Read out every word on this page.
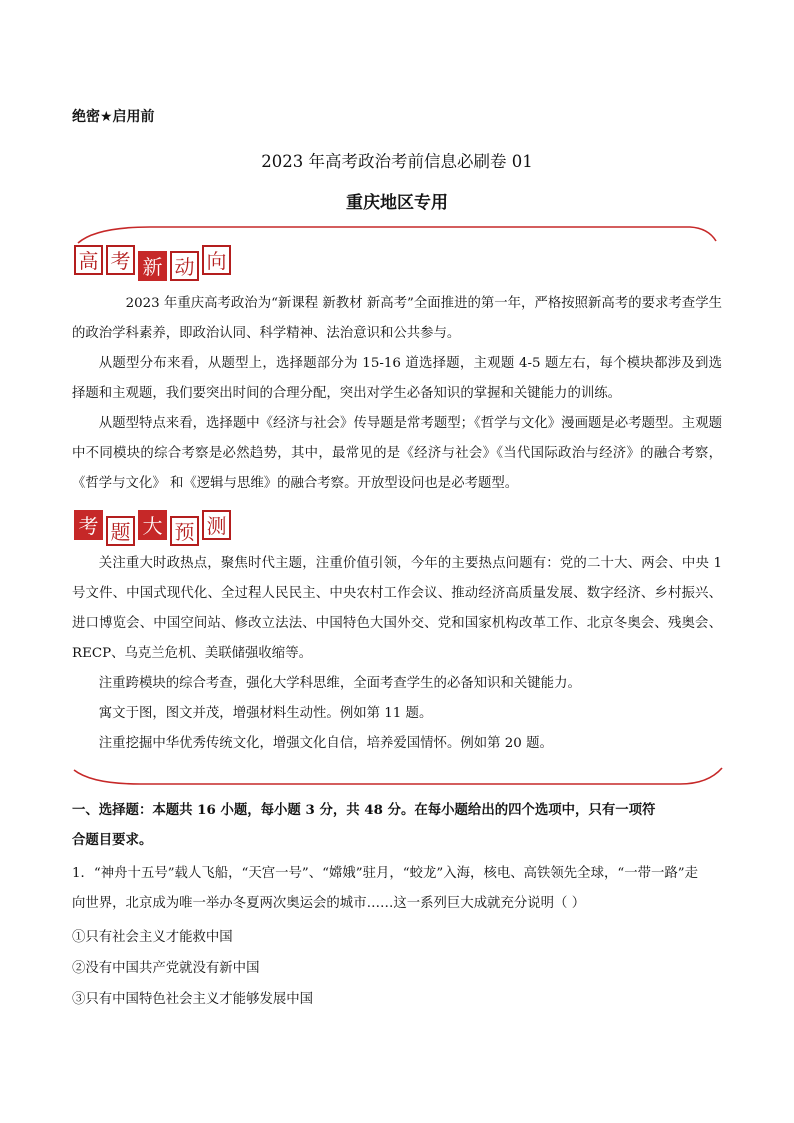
绝密★启用前
2023 年高考政治考前信息必刷卷 01
重庆地区专用
高 考 新 动 向

2023 年重庆高考政治为“新课程 新教材 新高考”全面推进的第一年，严格按照新高考的要求考查学生的政治学科素养，即政治认同、科学精神、法治意识和公共参与。

从题型分布来看，从题型上，选择题部分为 15-16 道选择题，主观题 4-5 题左右，每个模块都涉及到选择题和主观题，我们要突出时间的合理分配，突出对学生必备知识的掌握和关键能力的训练。

从题型特点来看，选择题中《经济与社会》传导题是常考题型；《哲学与文化》漫画题是必考题型。主观题中不同模块的综合考察是必然趋势，其中，最常见的是《经济与社会》《当代国际政治与经济》的融合考察，《哲学与文化》 和《逻辑与思维》的融合考察。开放型设问也是必考题型。

考 题 大 预 测

关注重大时政热点，聚焦时代主题，注重价值引领，今年的主要热点问题有：党的二十大、两会、中央 1 号文件、中国式现代化、全过程人民民主、中央农村工作会议、推动经济高质量发展、数字经济、乡村振兴、进口博览会、中国空间站、修改立法法、中国特色大国外交、党和国家机构改革工作、北京冬奥会、残奥会、RECP、乌克兰危机、美联储强收缩等。

注重跨模块的综合考查，强化大学科思维，全面考查学生的必备知识和关键能力。

寓文于图，图文并茂，增强材料生动性。例如第 11 题。

注重挖掘中华优秀传统文化，增强文化自信，培养爱国情怀。例如第 20 题。

一、选择题：本题共 16 小题，每小题 3 分，共 48 分。在每小题给出的四个选项中，只有一项符

合题目要求。

1．“神舟十五号”载人飞船，“天宫一号”、“嫦娥”驻月，“蛟龙”入海，核电、高铁领先全球，“一带一路”走

向世界，北京成为唯一举办冬夏两次奥运会的城市……这一系列巨大成就充分说明（ ）

①只有社会主义才能救中国
②没有中国共产党就没有新中国
③只有中国特色社会主义才能够发展中国
